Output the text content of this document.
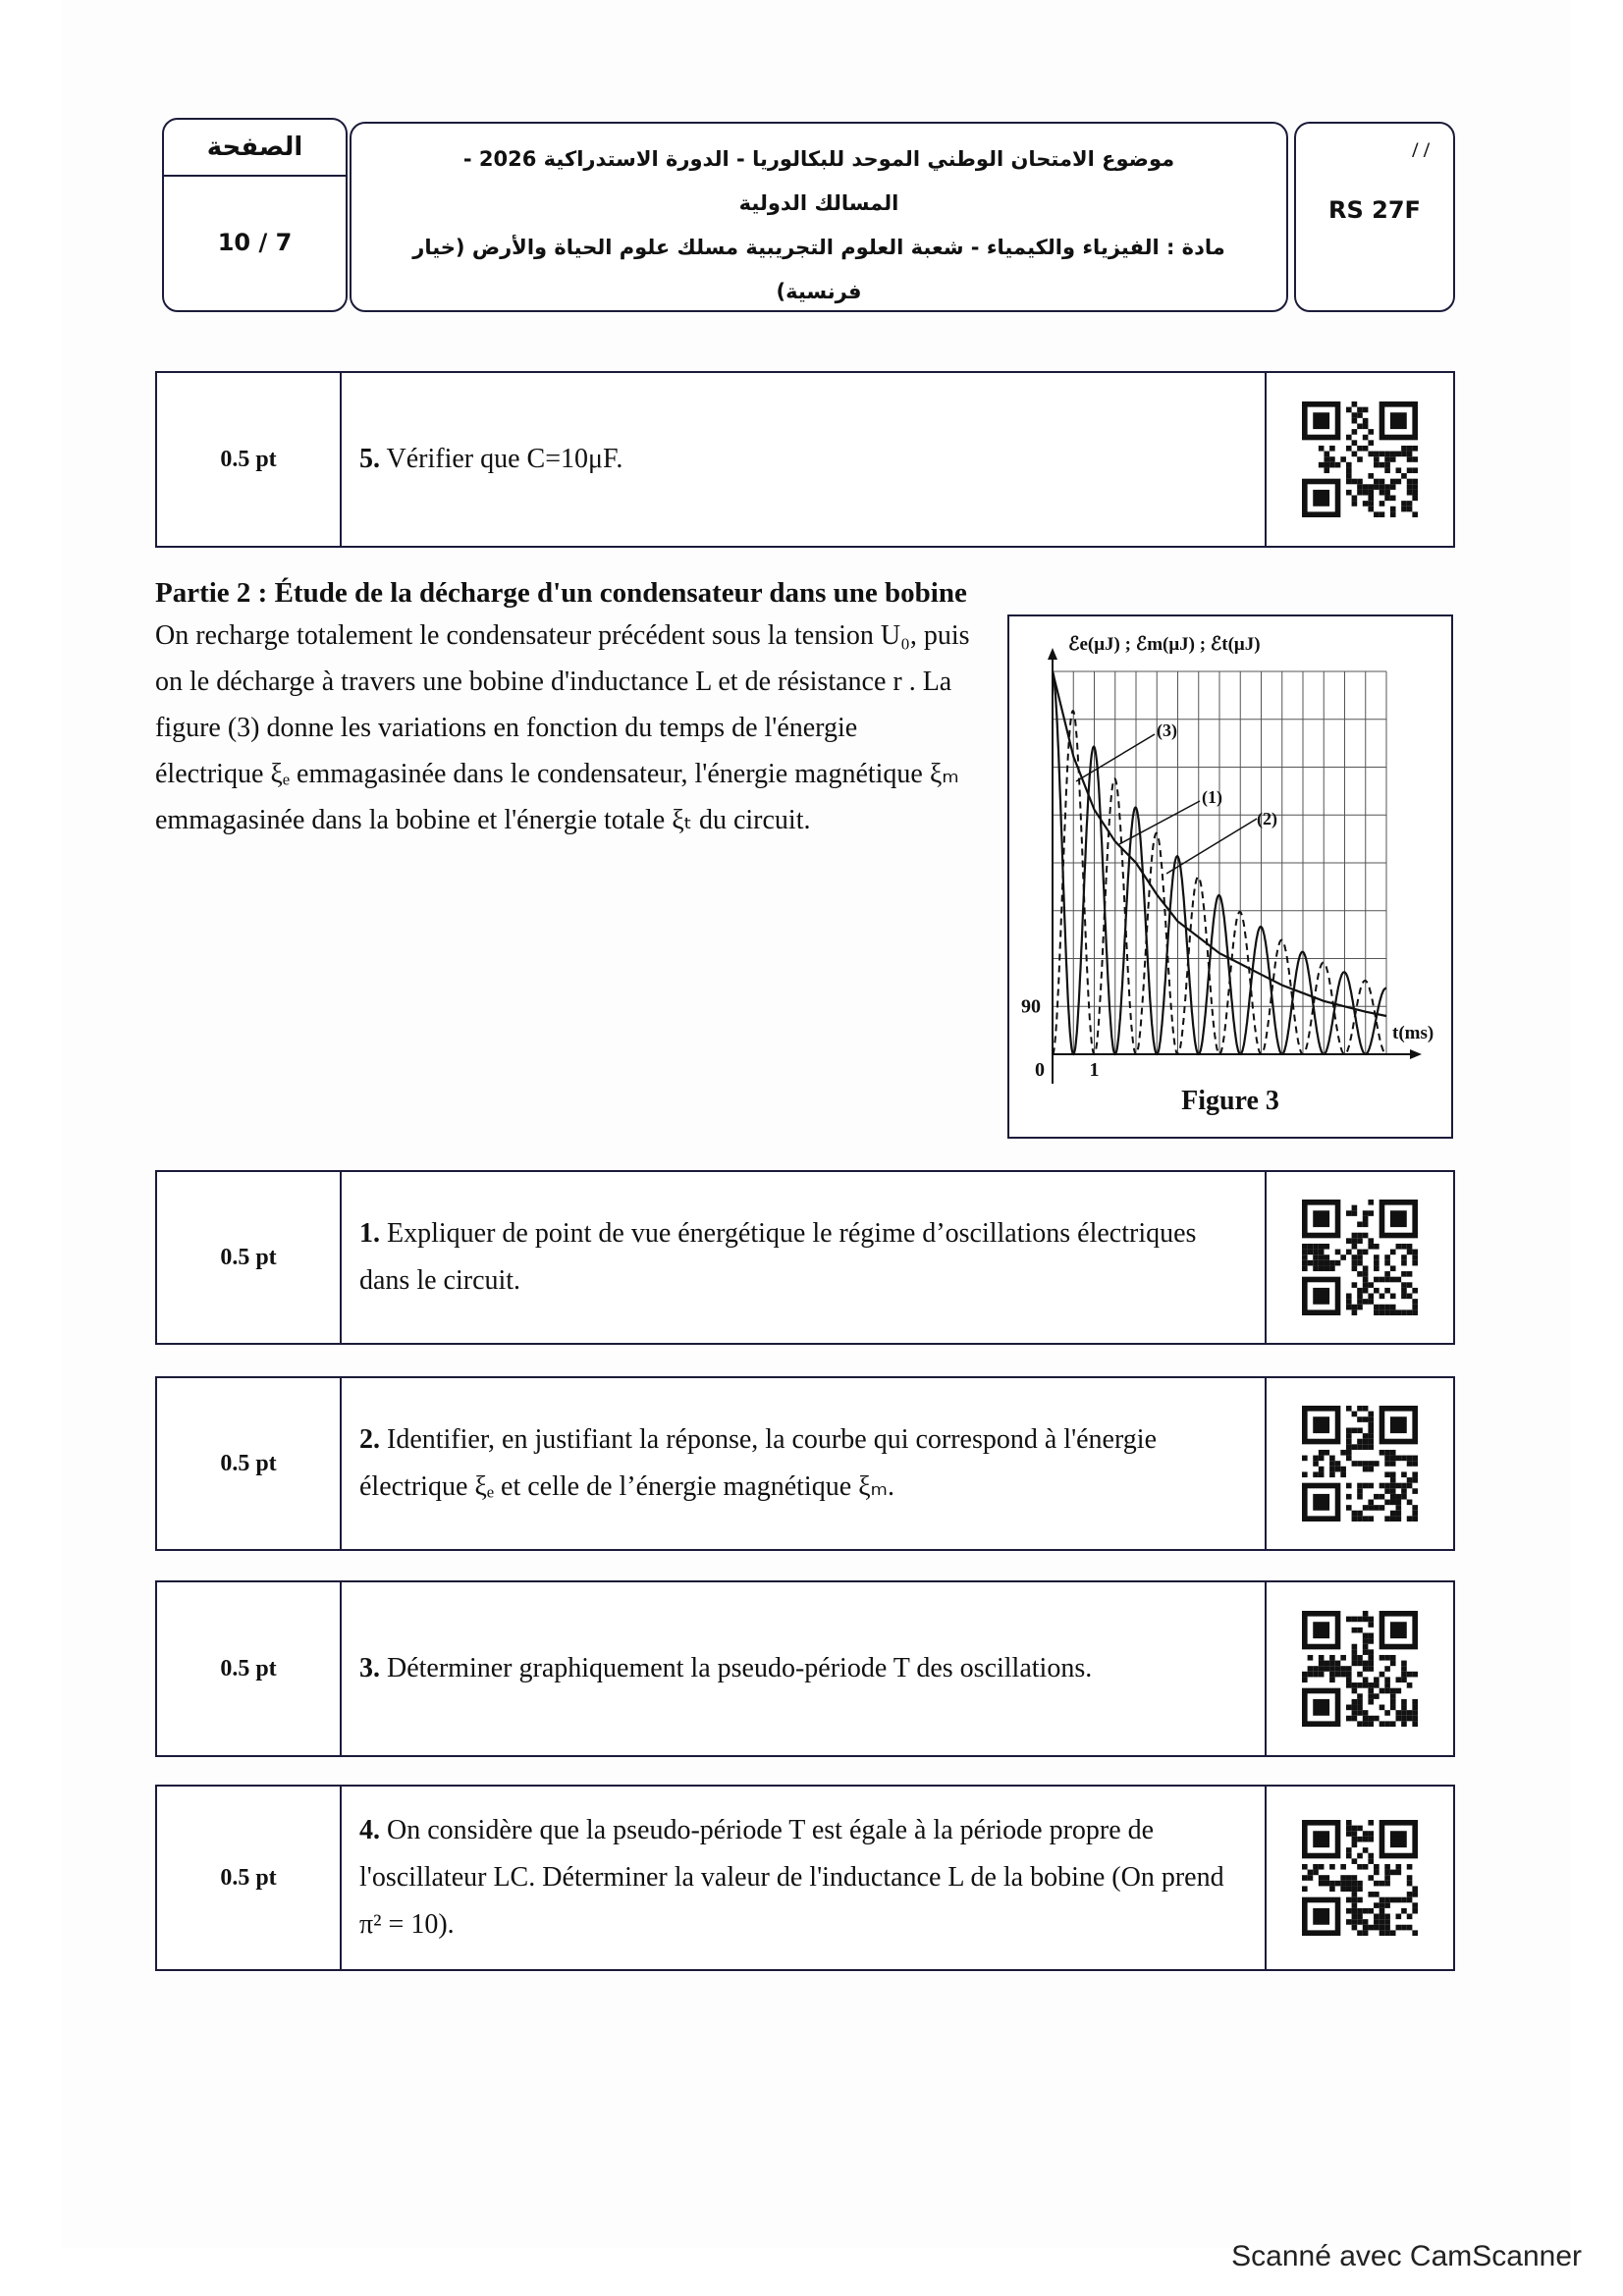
الصفحة
10 / 7
موضوع الامتحان الوطني الموحد للبكالوريا - الدورة الاستدراكية 2026 -
المسالك الدولية
مادة : الفيزياء والكيمياء - شعبة العلوم التجريبية مسلك علوم الحياة والأرض (خيار فرنسية)
/ /
RS 27F
0.5 pt	5. Vérifier que C=10μF.
Partie 2 : Étude de la décharge d'un condensateur dans une bobine
On recharge totalement le condensateur précédent sous la tension U₀, puis on le décharge à travers une bobine d'inductance L et de résistance r . La figure (3) donne les variations en fonction du temps de l'énergie électrique ξₑ emmagasinée dans le condensateur, l'énergie magnétique ξₘ emmagasinée dans la bobine et l'énergie totale ξₜ du circuit.
(3)
(1)
(2)
ℰe(μJ) ; ℰm(μJ) ; ℰt(μJ)
t(ms)
90
0 1
Figure 3
0.5 pt
1. Expliquer de point de vue énergétique le régime d’oscillations électriques dans le circuit.
0.5 pt
2. Identifier, en justifiant la réponse, la courbe qui correspond à l'énergie électrique ξₑ et celle de l’énergie magnétique ξₘ.
0.5 pt	3. Déterminer graphiquement la pseudo-période T des oscillations.
0.5 pt
4. On considère que la pseudo-période T est égale à la période propre de l'oscillateur LC. Déterminer la valeur de l'inductance L de la bobine (On prend π² = 10).
Scanné avec CamScanner
